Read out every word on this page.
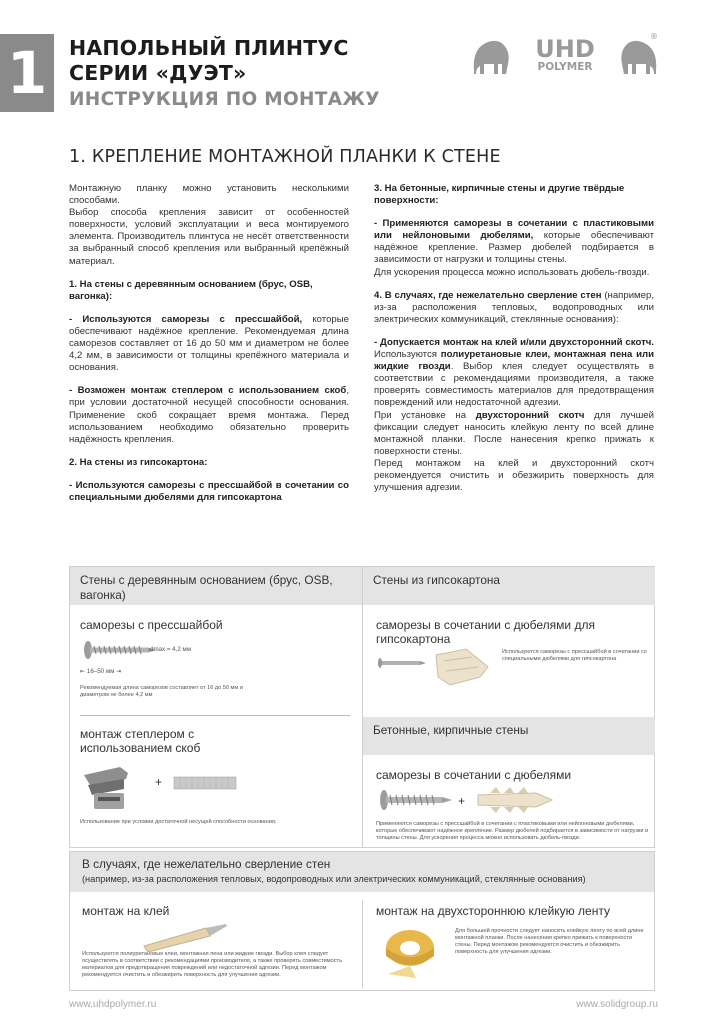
1	НАПОЛЬНЫЙ ПЛИНТУС
СЕРИИ «ДУЭТ»
ИНСТРУКЦИЯ ПО МОНТАЖУ
UHD
POLYMER
®
1. КРЕПЛЕНИЕ МОНТАЖНОЙ ПЛАНКИ К СТЕНЕ

Монтажную планку можно установить несколькими способами.

Выбор способа крепления зависит от особенностей поверхности, условий эксплуатации и веса монтируемого элемента. Производитель плинтуса не несёт ответственности за выбранный способ крепления или выбранный крепёжный материал.

1. На стены с деревянным основанием (брус, OSB, вагонка):

- Используются саморезы с прессшайбой, которые обеспечивают надёжное крепление. Рекомендуемая длина саморезов составляет от 16 до 50 мм и диаметром не более 4,2 мм, в зависимости от толщины крепёжного материала и основания.

- Возможен монтаж степлером с использованием скоб, при условии достаточной несущей способности основания. Применение скоб сокращает время монтажа. Перед использованием необходимо обязательно проверить надёжность крепления.

2. На стены из гипсокартона:

- Используются саморезы с прессшайбой в сочетании со специальными дюбелями для гипсокартона

3. На бетонные, кирпичные стены и другие твёрдые поверхности:

- Применяются саморезы в сочетании с пластиковыми или нейлоновыми дюбелями, которые обеспечивают надёжное крепление. Размер дюбелей подбирается в зависимости от нагрузки и толщины стены.

Для ускорения процесса можно использовать дюбель-гвозди.

4. В случаях, где нежелательно сверление стен (например, из-за расположения тепловых, водопроводных или электрических коммуникаций, стеклянные основания):

- Допускается монтаж на клей и/или двухсторонний скотч. Используются полиуретановые клеи, монтажная пена или жидкие гвозди. Выбор клея следует осуществлять в соответствии с рекомендациями производителя, а также проверять совместимость материалов для предотвращения повреждений или недостаточной адгезии.

При установке на двухсторонний скотч для лучшей фиксации следует наносить клейкую ленту по всей длине монтажной планки. После нанесения крепко прижать к поверхности стены.

Перед монтажом на клей и двухсторонний скотч рекомендуется очистить и обезжирить поверхность для улучшения адгезии.

Стены с деревянным основанием (брус, OSB, вагонка)
Стены из гипсокартона
саморезы с прессшайбой
dmax = 4,2 мм
⇤ 16–50 мм ⇥
Рекомендуемая длина саморезов составляет от 16 до 50 мм и диаметром не более 4,2 мм
монтаж степлером с использованием скоб
+
Использование при условии достаточной несущей способности основания.
саморезы в сочетании с дюбелями для гипсокартона
Используются саморезы с прессшайбой в сочетании со специальными дюбелями для гипсокартона
Бетонные, кирпичные стены
саморезы в сочетании с дюбелями
+
Применяются саморезы с прессшайбой в сочетании с пластиковыми или нейлоновыми дюбелями, которые обеспечивают надёжное крепление. Размер дюбелей подбирается в зависимости от нагрузки и толщины стены. Для ускорения процесса можно использовать дюбель-гвозди.
В случаях, где нежелательно сверление стен
(например, из-за расположения тепловых, водопроводных или электрических коммуникаций, стеклянные основания)
монтаж на клей
Используются полиуретановые клеи, монтажная пена или жидкие гвозди. Выбор клея следует осуществлять в соответствии с рекомендациями производителя, а также проверять совместимость материалов для предотвращения повреждений или недостаточной адгезии. Перед монтажом рекомендуется очистить и обезжирить поверхность для улучшения адгезии.
монтаж на двухстороннюю клейкую ленту
Для большей прочности следует наносить клейкую ленту по всей длине монтажной планки. После нанесения крепко прижать к поверхности стены. Перед монтажом рекомендуется очистить и обезжирить поверхность для улучшения адгезии.
www.uhdpolymer.ru	www.solidgroup.ru
